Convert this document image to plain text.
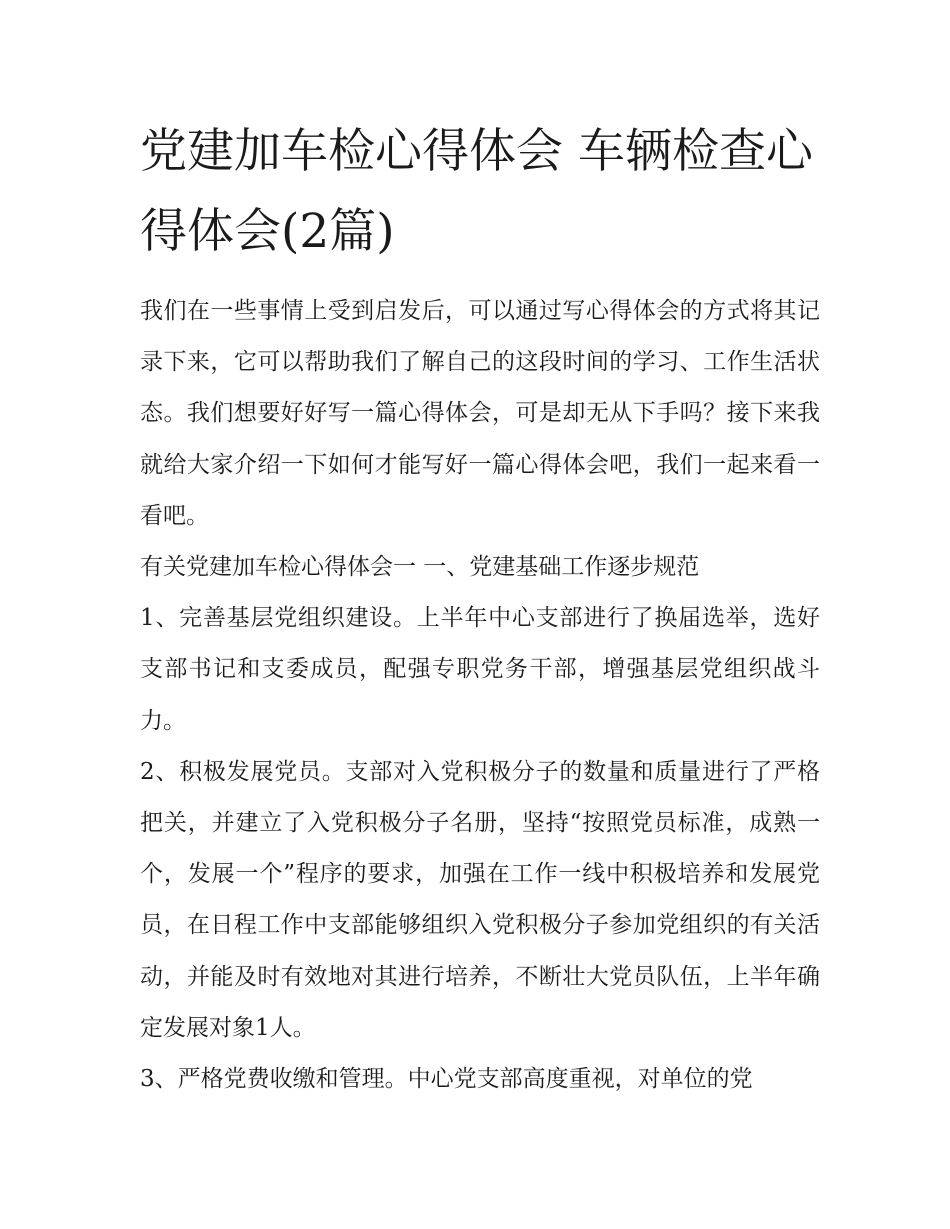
党建加车检心得体会 车辆检查心得体会(2篇)

我们在一些事情上受到启发后，可以通过写心得体会的方式将其记录下来，它可以帮助我们了解自己的这段时间的学习、工作生活状态。我们想要好好写一篇心得体会，可是却无从下手吗？接下来我就给大家介绍一下如何才能写好一篇心得体会吧，我们一起来看一看吧。

有关党建加车检心得体会一 一、党建基础工作逐步规范

1、完善基层党组织建设。上半年中心支部进行了换届选举，选好支部书记和支委成员，配强专职党务干部，增强基层党组织战斗力。

2、积极发展党员。支部对入党积极分子的数量和质量进行了严格把关，并建立了入党积极分子名册，坚持“按照党员标准，成熟一个，发展一个”程序的要求，加强在工作一线中积极培养和发展党员，在日程工作中支部能够组织入党积极分子参加党组织的有关活动，并能及时有效地对其进行培养，不断壮大党员队伍，上半年确定发展对象1人。

3、严格党费收缴和管理。中心党支部高度重视，对单位的党
